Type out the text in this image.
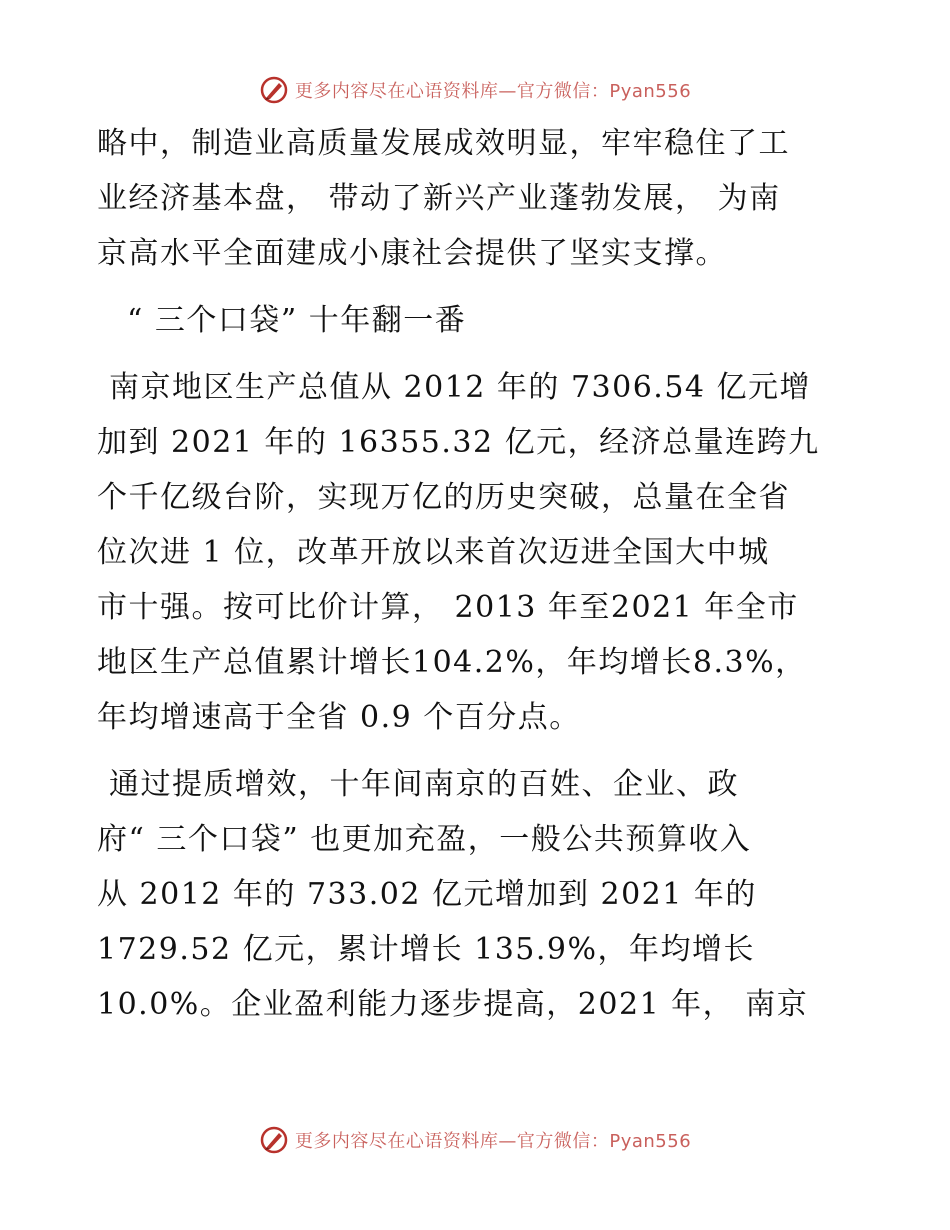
更多内容尽在心语资料库—官方微信：Pyan556
略中，制造业高质量发展成效明显，牢牢稳住了工
业经济基本盘， 带动了新兴产业蓬勃发展， 为南
京高水平全面建成小康社会提供了坚实支撑。
“ 三个口袋” 十年翻一番
南京地区生产总值从 2012 年的 7306.54 亿元增
加到 2021 年的 16355.32 亿元，经济总量连跨九
个千亿级台阶，实现万亿的历史突破，总量在全省
位次进 1 位，改革开放以来首次迈进全国大中城
市十强。按可比价计算， 2013 年至2021 年全市
地区生产总值累计增长104.2%，年均增长8.3%，
年均增速高于全省 0.9 个百分点。
通过提质增效，十年间南京的百姓、企业、政
府“ 三个口袋” 也更加充盈，一般公共预算收入
从 2012 年的 733.02 亿元增加到 2021 年的
1729.52 亿元，累计增长 135.9%，年均增长
10.0%。企业盈利能力逐步提高，2021 年， 南京
更多内容尽在心语资料库—官方微信：Pyan556
